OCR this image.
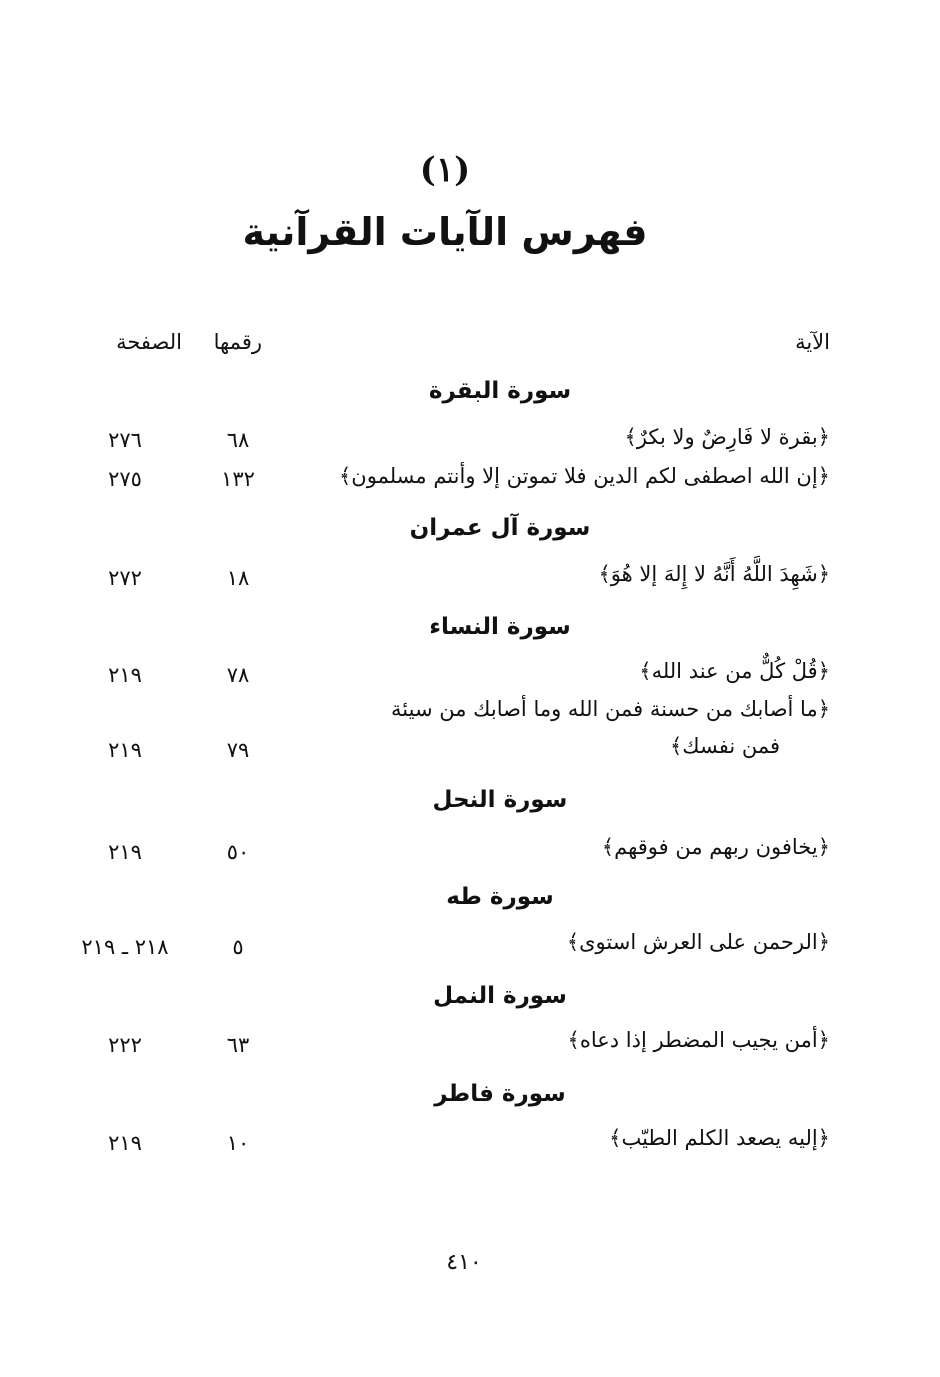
(١)
فهرس الآيات القرآنية
الآية
رقمها
الصفحة
سورة البقرة
﴿بقرة لا فَارِضٌ ولا بكرٌ﴾
٦٨
٢٧٦
﴿إن الله اصطفى لكم الدين فلا تموتن إلا وأنتم مسلمون﴾
١٣٢
٢٧٥
سورة آل عمران
﴿شَهِدَ اللَّهُ أَنَّهُ لا إِلهَ إلا هُوَ﴾
١٨
٢٧٢
سورة النساء
﴿قُلْ كُلٌّ من عند الله﴾
٧٨
٢١٩
﴿ما أصابك من حسنة فمن الله وما أصابك من سيئة
فمن نفسك﴾
٧٩
٢١٩
سورة النحل
﴿يخافون ربهم من فوقهم﴾
٥٠
٢١٩
سورة طه
﴿الرحمن على العرش استوى﴾
٥
٢١٨ ـ ٢١٩
سورة النمل
﴿أمن يجيب المضطر إذا دعاه﴾
٦٣
٢٢٢
سورة فاطر
﴿إليه يصعد الكلم الطيّب﴾
١٠
٢١٩
٤١٠
